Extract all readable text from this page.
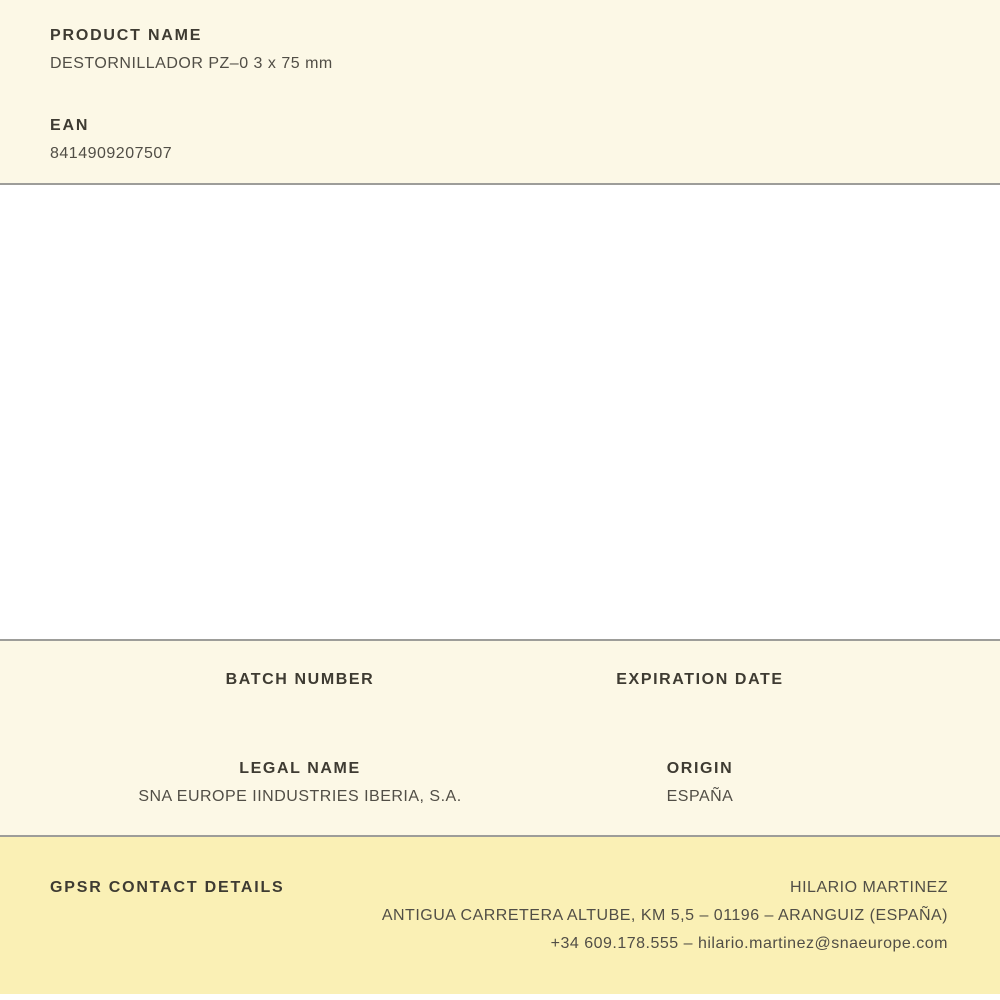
PRODUCT NAME
DESTORNILLADOR PZ–0 3 x 75 mm
EAN
8414909207507
BATCH NUMBER	EXPIRATION DATE
LEGAL NAME
SNA EUROPE IINDUSTRIES IBERIA, S.A.
ORIGIN
ESPAÑA
GPSR CONTACT DETAILS	HILARIO MARTINEZ
ANTIGUA CARRETERA ALTUBE, KM 5,5 – 01196 – ARANGUIZ (ESPAÑA)
+34 609.178.555 – hilario.martinez@snaeurope.com
